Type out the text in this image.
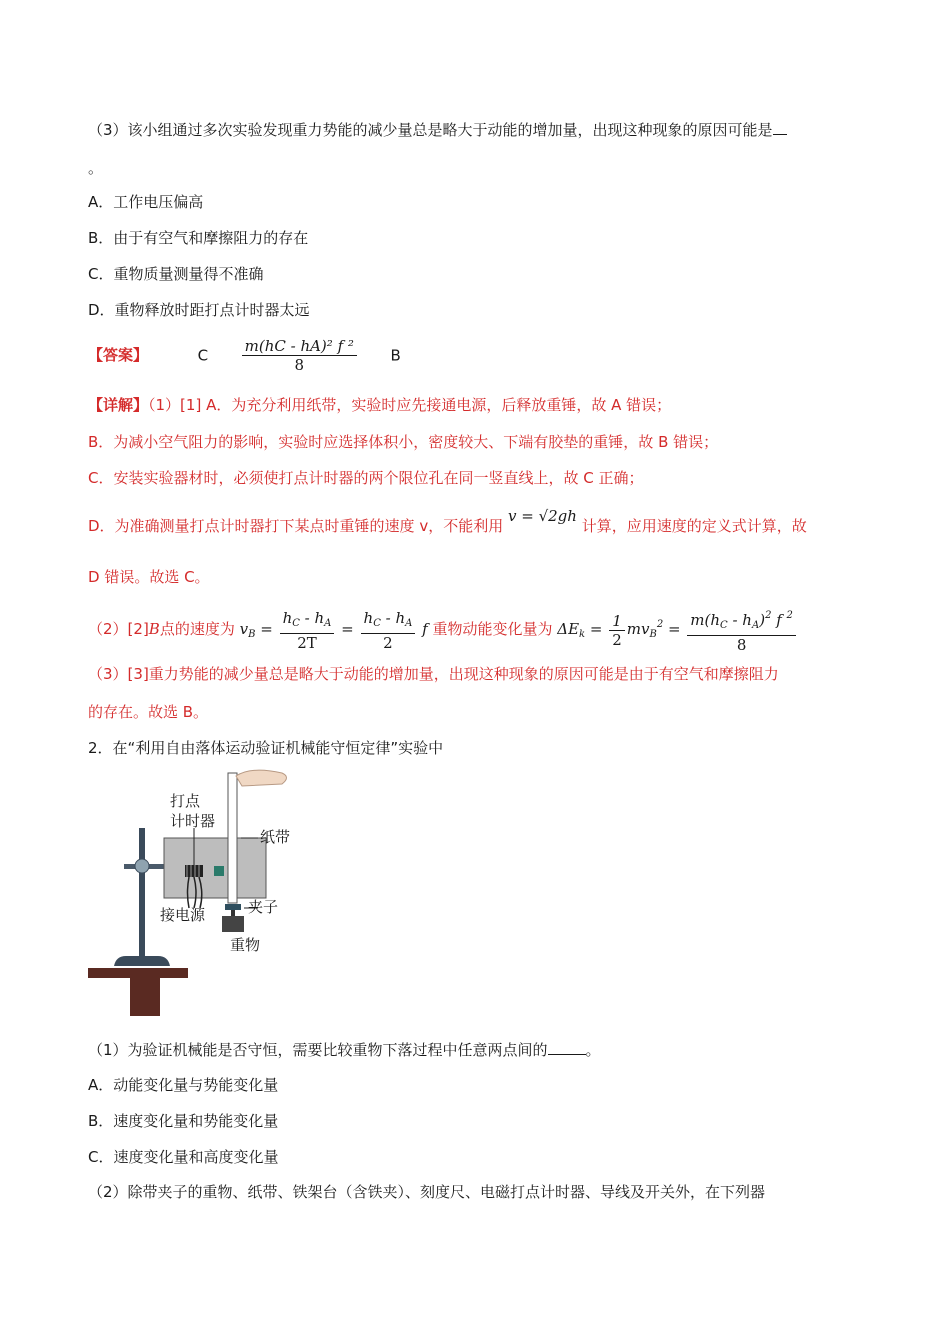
（3）该小组通过多次实验发现重力势能的减少量总是略大于动能的增加量，出现这种现象的原因可能是
。
A．工作电压偏高
B．由于有空气和摩擦阻力的存在
C．重物质量测量得不准确
D．重物释放时距打点计时器太远
【答案】	C $\frac{\text{m(hC - hA)² f ²}}{8}$ B
【详解】（1）[1] A．为充分利用纸带，实验时应先接通电源，后释放重锤，故 A 错误；
B．为减小空气阻力的影响，实验时应选择体积小，密度较大、下端有胶垫的重锤，故 B 错误；
C．安装实验器材时，必须使打点计时器的两个限位孔在同一竖直线上，故 C 正确；
D．为准确测量打点计时器打下某点时重锤的速度 v，不能利用 v = √2gh 计算，应用速度的定义式计算，故
D 错误。故选 C。
（2）[2]B点的速度为 $v_B = \frac{h_C - h_A}{2T} = \frac{h_C - h_A}{2}$ f 重物动能变化量为 $\Delta E_k = \frac{1}{2} mv_B^2 = \frac{m(h_C - h_A)^2 f ^2}{8}$
（3）[3]重力势能的减少量总是略大于动能的增加量，出现这种现象的原因可能是由于有空气和摩擦阻力
的存在。故选 B。
2．在“利用自由落体运动验证机械能守恒定律”实验中
打点
计时器
纸带
夹子
接电源
重物
（1）为验证机械能是否守恒，需要比较重物下落过程中任意两点间的	。
A．动能变化量与势能变化量
B．速度变化量和势能变化量
C．速度变化量和高度变化量
（2）除带夹子的重物、纸带、铁架台（含铁夹）、刻度尺、电磁打点计时器、导线及开关外，在下列器
